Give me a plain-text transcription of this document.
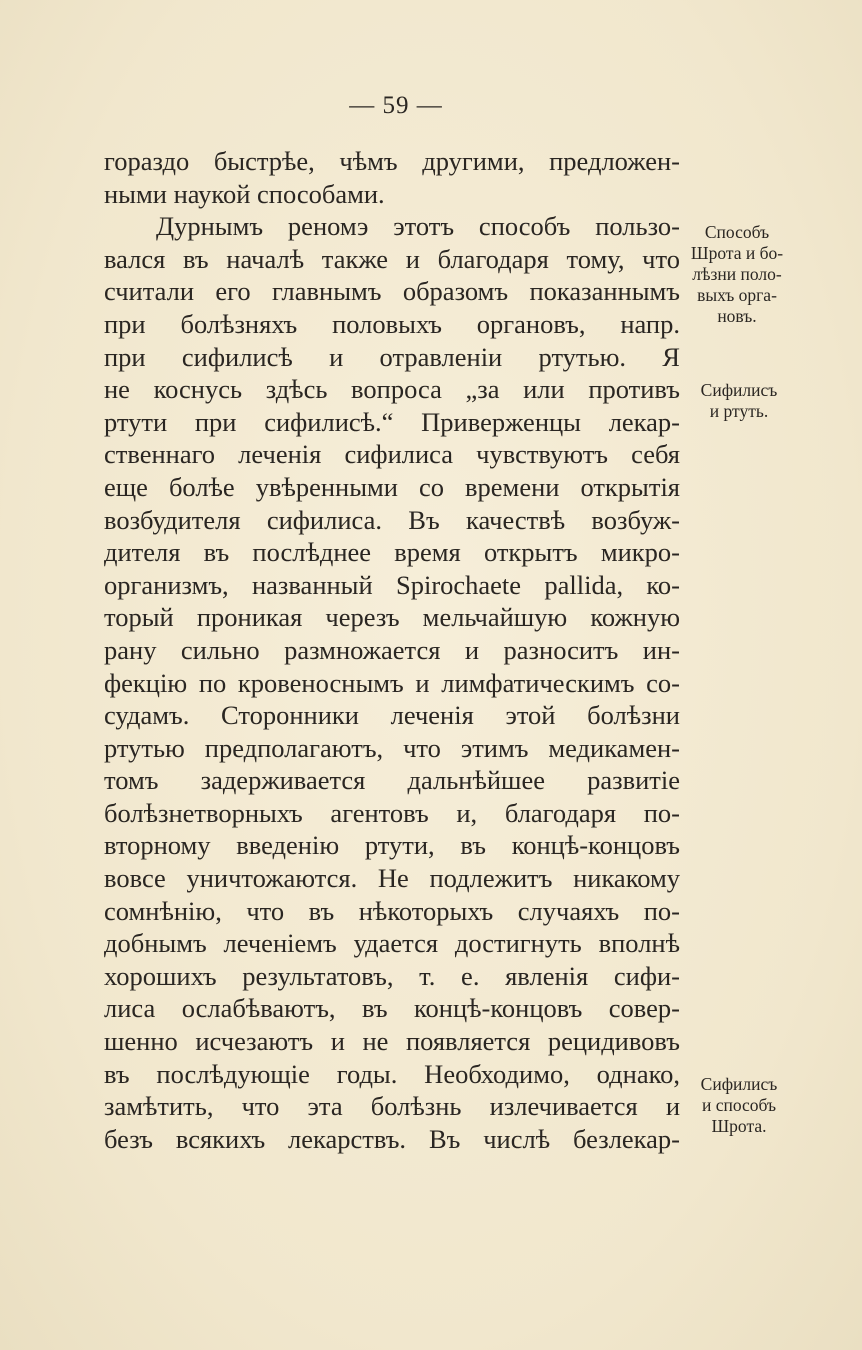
— 59 —
гораздо быстрѣе, чѣмъ другими, предложен-
ными наукой способами.
Дурнымъ реномэ этотъ способъ пользо-
вался въ началѣ также и благодаря тому, что
считали его главнымъ образомъ показаннымъ
при болѣзняхъ половыхъ органовъ, напр.
при сифилисѣ и отравленіи ртутью. Я
не коснусь здѣсь вопроса „за или противъ
ртути при сифилисѣ.“ Приверженцы лекар-
ственнаго леченія сифилиса чувствуютъ себя
еще болѣе увѣренными со времени открытія
возбудителя сифилиса. Въ качествѣ возбуж-
дителя въ послѣднее время открытъ микро-
организмъ, названный Spirochaete pallida, ко-
торый проникая черезъ мельчайшую кожную
рану сильно размножается и разноситъ ин-
фекцію по кровеноснымъ и лимфатическимъ со-
судамъ. Сторонники леченія этой болѣзни
ртутью предполагаютъ, что этимъ медикамен-
томъ задерживается дальнѣйшее развитіе
болѣзнетворныхъ агентовъ и, благодаря по-
вторному введенію ртути, въ концѣ-концовъ
вовсе уничтожаются. Не подлежитъ никакому
сомнѣнію, что въ нѣкоторыхъ случаяхъ по-
добнымъ леченіемъ удается достигнуть вполнѣ
хорошихъ результатовъ, т. е. явленія сифи-
лиса ослабѣваютъ, въ концѣ-концовъ совер-
шенно исчезаютъ и не появляется рецидивовъ
въ послѣдующіе годы. Необходимо, однако,
замѣтить, что эта болѣзнь излечивается и
безъ всякихъ лекарствъ. Въ числѣ безлекар-
Способъ
Шрота и бо-
лѣзни поло-
выхъ орга-
новъ.
Сифилисъ
и ртуть.
Сифилисъ
и способъ
Шрота.
